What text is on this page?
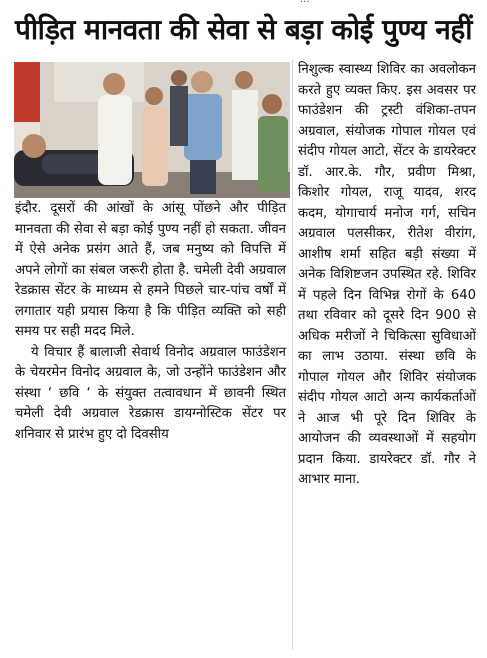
पीड़ित मानवता की सेवा से बड़ा कोई पुण्य नहीं

इंदौर. दूसरों की आंखों के आंसू पोंछने और पीड़ित मानवता की सेवा से बड़ा कोई पुण्य नहीं हो सकता. जीवन में ऐसे अनेक प्रसंग आते हैं, जब मनुष्य को विपत्ति में अपने लोगों का संबल जरूरी होता है. चमेली देवी अग्रवाल रेडक्रास सेंटर के माध्यम से हमने पिछले चार-पांच वर्षों में लगातार यही प्रयास किया है कि पीड़ित व्यक्ति को सही समय पर सही मदद मिले.

ये विचार हैं बालाजी सेवार्थ विनोद अग्रवाल फाउंडेशन के चेयरमेन विनोद अग्रवाल के, जो उन्होंने फाउंडेशन और संस्था ‘ छवि ‘ के संयुक्त तत्वावधान में छावनी स्थित चमेली देवी अग्रवाल रेडक्रास डायग्नोस्टिक सेंटर पर शनिवार से प्रारंभ हुए दो दिवसीय

निशुल्क स्वास्थ्य शिविर का अवलोकन करते हुए व्यक्त किए. इस अवसर पर फाउंडेशन की ट्रस्टी वंशिका-तपन अग्रवाल, संयोजक गोपाल गोयल एवं संदीप गोयल आटो, सेंटर के डायरेक्टर डॉ. आर.के. गौर, प्रवीण मिश्रा, किशोर गोयल, राजू यादव, शरद कदम, योगाचार्य मनोज गर्ग, सचिन अग्रवाल पलसीकर, रीतेश वीरांग, आशीष शर्मा सहित बड़ी संख्या में अनेक विशिष्टजन उपस्थित रहे. शिविर में पहले दिन विभिन्न रोगों के 640 तथा रविवार को दूसरे दिन 900 से अधिक मरीजों ने चिकित्सा सुविधाओं का लाभ उठाया. संस्था छवि के गोपाल गोयल और शिविर संयोजक संदीप गोयल आटो अन्य कार्यकर्ताओं ने आज भी पूरे दिन शिविर के आयोजन की व्यवस्थाओं में सहयोग प्रदान किया. डायरेक्टर डॉ. गौर ने आभार माना.
